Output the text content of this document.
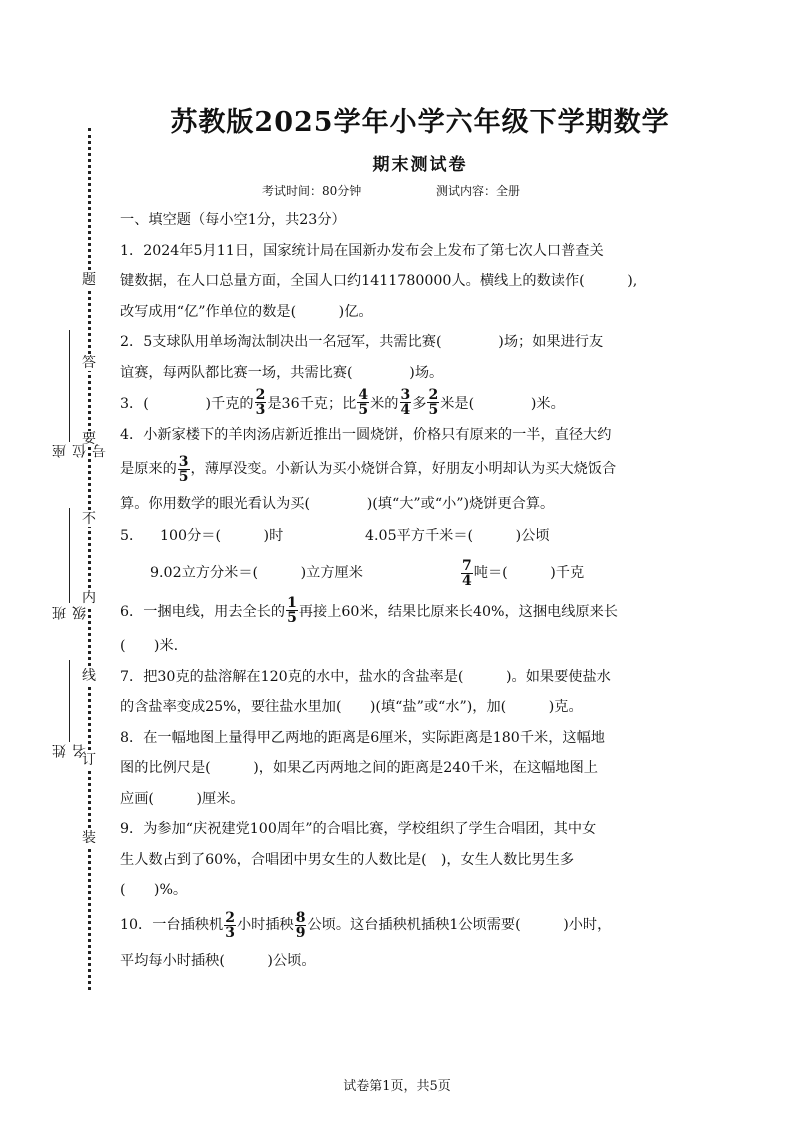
题
答
要
不
内
线
订
装
座位号
班级
姓名
苏教版2025学年小学六年级下学期数学
期末测试卷
考试时间：80分钟	测试内容：全册

一、填空题（每小空1分，共23分）

1．2024年5月11日，国家统计局在国新办发布会上发布了第七次人口普查关

键数据，在人口总量方面，全国人口约1411780000人。横线上的数读作(　　　),

改写成用“亿”作单位的数是(　　　)亿。

2．5支球队用单场淘汰制决出一名冠军，共需比赛(　　　　)场；如果进行友

谊赛，每两队都比赛一场，共需比赛(　　　　)场。

3．(　　　　)千克的 $\frac{2}{3}$ 是36千克；比 $\frac{4}{5}$ 米的 $\frac{3}{4}$ 多 $\frac{2}{5}$ 米是(　　　　)米。

4．小新家楼下的羊肉汤店新近推出一圆烧饼，价格只有原来的一半，直径大约

是原来的 $\frac{3}{5}$ ，薄厚没变。小新认为买小烧饼合算，好朋友小明却认为买大烧饭合

算。你用数学的眼光看认为买(　　　　)(填“大”或“小”)烧饼更合算。

5．	100分＝(　　　)时	4.05平方千米＝(　　　)公顷
9.02立方分米＝(　　　)立方厘米	$\frac{7}{4}$ 吨＝(　　　)千克
6．一捆电线，用去全长的 $\frac{1}{5}$ 再接上60米，结果比原来长40%，这捆电线原来长

(　　)米.

7．把30克的盐溶解在120克的水中，盐水的含盐率是(　　　)。如果要使盐水

的含盐率变成25%，要往盐水里加(　　)(填“盐”或“水”)，加(　　　)克。

8．在一幅地图上量得甲乙两地的距离是6厘米，实际距离是180千米，这幅地

图的比例尺是(　　　)，如果乙丙两地之间的距离是240千米，在这幅地图上

应画(　　　)厘米。

9．为参加“庆祝建党100周年”的合唱比赛，学校组织了学生合唱团，其中女

生人数占到了60%，合唱团中男女生的人数比是(　)，女生人数比男生多

(　　)%。

10．一台插秧机 $\frac{2}{3}$ 小时插秧 $\frac{8}{9}$ 公顷。这台插秧机插秧1公顷需要(　　　)小时，

平均每小时插秧(　　　)公顷。

试卷第1页，共5页
